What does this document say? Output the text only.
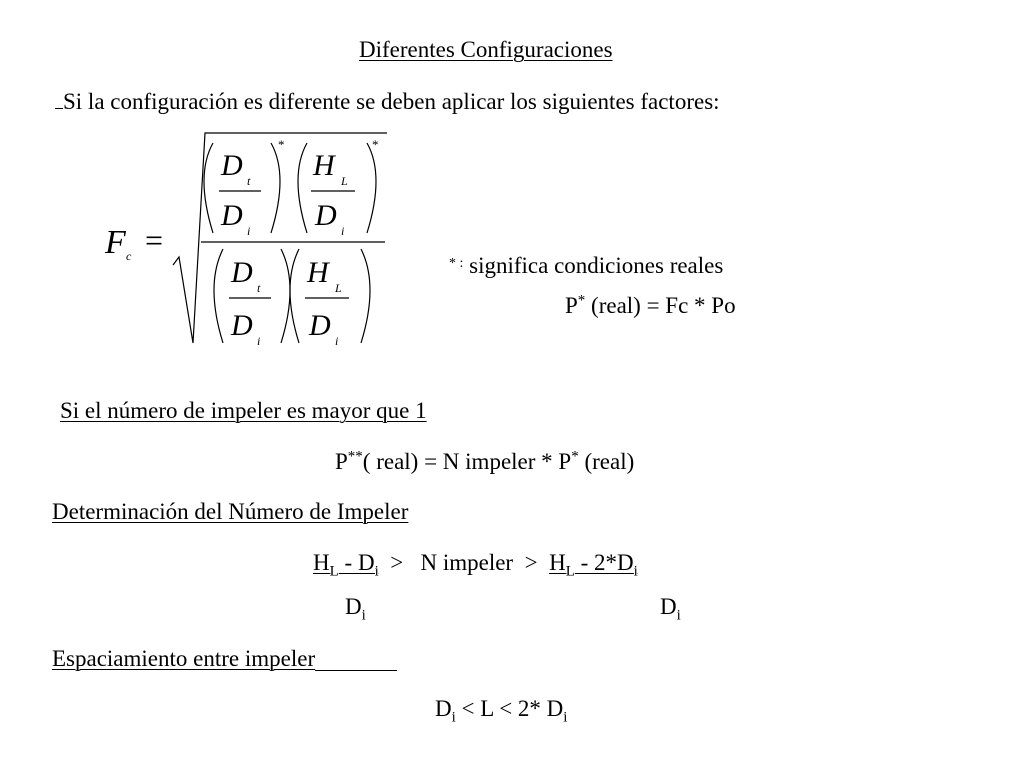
Diferentes Configuraciones
Si la configuración es diferente se deben aplicar los siguientes factores:
F c =
D t
D i
*
H L
D i
*
D t
D i
H L
D i
* : significa condiciones reales
P* (real) = Fc * Po
Si el número de impeler es mayor que 1
P**( real) = N impeler * P* (real)
Determinación del Número de Impeler
$H_L - D_i > N$ impeler  >  $H_L - 2*D_i$
$D_i$	$D_i$
Espaciamiento entre impeler
$D_i < L < 2*$ $D_i$
